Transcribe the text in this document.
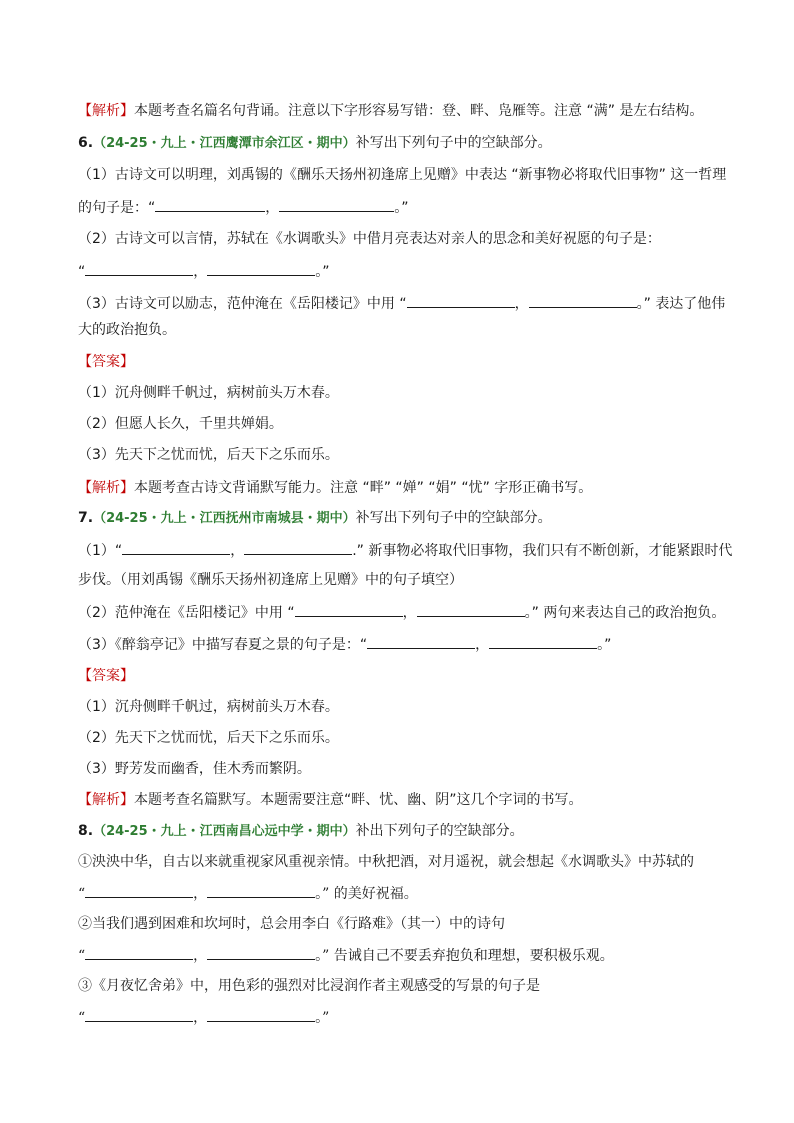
【解析】本题考查名篇名句背诵。注意以下字形容易写错：登、畔、凫雁等。注意 “满” 是左右结构。
6.（24-25・九上・江西鹰潭市余江区・期中）补写出下列句子中的空缺部分。
（1）古诗文可以明理，刘禹锡的《酬乐天扬州初逢席上见赠》中表达 “新事物必将取代旧事物” 这一哲理
的句子是：“	，	。”
（2）古诗文可以言情，苏轼在《水调歌头》中借月亮表达对亲人的思念和美好祝愿的句子是：
“	，	。”
（3）古诗文可以励志，范仲淹在《岳阳楼记》中用 “	，	。” 表达了他伟
大的政治抱负。
【答案】
（1）沉舟侧畔千帆过，病树前头万木春。
（2）但愿人长久，千里共婵娟。
（3）先天下之忧而忧，后天下之乐而乐。
【解析】本题考查古诗文背诵默写能力。注意 “畔” “婵” “娟” “忧” 字形正确书写。
7.（24-25・九上・江西抚州市南城县・期中）补写出下列句子中的空缺部分。
（1）“	，	.” 新事物必将取代旧事物，我们只有不断创新，才能紧跟时代
步伐。（用刘禹锡《酬乐天扬州初逢席上见赠》中的句子填空）
（2）范仲淹在《岳阳楼记》中用 “	，	。” 两句来表达自己的政治抱负。
（3）《醉翁亭记》中描写春夏之景的句子是：“	，	。”
【答案】
（1）沉舟侧畔千帆过，病树前头万木春。
（2）先天下之忧而忧，后天下之乐而乐。
（3）野芳发而幽香，佳木秀而繁阴。
【解析】本题考查名篇默写。本题需要注意“畔、忧、幽、阴”这几个字词的书写。
8.（24-25・九上・江西南昌心远中学・期中）补出下列句子的空缺部分。
①泱泱中华，自古以来就重视家风重视亲情。中秋把酒，对月遥祝，就会想起《水调歌头》中苏轼的
“	，	。” 的美好祝福。
②当我们遇到困难和坎坷时，总会用李白《行路难》（其一）中的诗句
“	，	。” 告诫自己不要丢弃抱负和理想，要积极乐观。
③《月夜忆舍弟》中，用色彩的强烈对比浸润作者主观感受的写景的句子是
“	，	。”
